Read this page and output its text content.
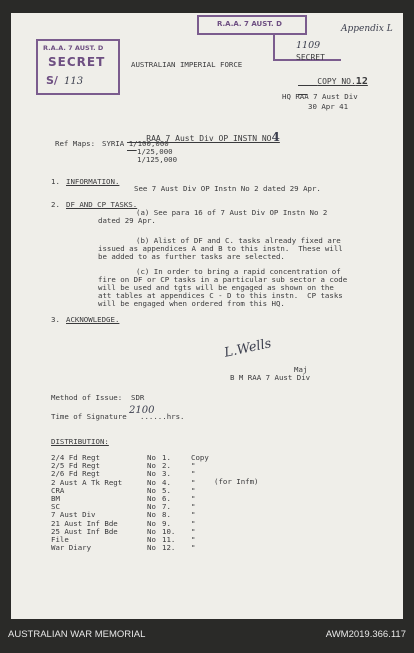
R.A.A. 7 AUST. D
SECRET
S/ 113
R.A.A. 7 AUST. D	Appendix L
1109
AUSTRALIAN IMPERIAL FORCE
SECRET

COPY NO.12

HQ RAA 7 Aust Div
30 Apr 41

RAA 7 Aust Div OP INSTN NO4

Ref Maps: SYRIA 1/100,000
1/25,000
1/125,000
1. INFORMATION.
See 7 Aust Div OP Instn No 2 dated 29 Apr.
2. DF AND CP TASKS.
(a) See para 16 of 7 Aust Div OP Instn No 2
dated 29 Apr.
(b) Alist of DF and C. tasks already fixed are
issued as appendices A and B to this instn.  These will
be added to as further tasks are selected.
(c) In order to bring a rapid concentration of
fire on DF or CP tasks in a particular sub sector a code
will be used and tgts will be engaged as shown on the
att tables at appendices C - D to this instn.  CP tasks
will be engaged when ordered from this HQ.
3. ACKNOWLEDGE.
L.Wells
Maj
B M RAA 7 Aust Div
Method of Issue: SDR
Time of Signature
2100
......hrs.
DISTRIBUTION:
2/4 Fd Regt	No 1.	Copy
2/5 Fd Regt	No 2.	"
2/6 Fd Regt	No 3.	"
2 Aust A Tk Regt	No 4.	"
CRA	No 5.	"
BM	No 6.	"
SC	No 7.	"
7 Aust Div	No 8.	"
21 Aust Inf Bde	No 9.	"
25 Aust Inf Bde	No 10. "
File	No 11. "
War Diary	No 12. "
(for Infm)
AUSTRALIAN WAR MEMORIAL	AWM2019.366.117
